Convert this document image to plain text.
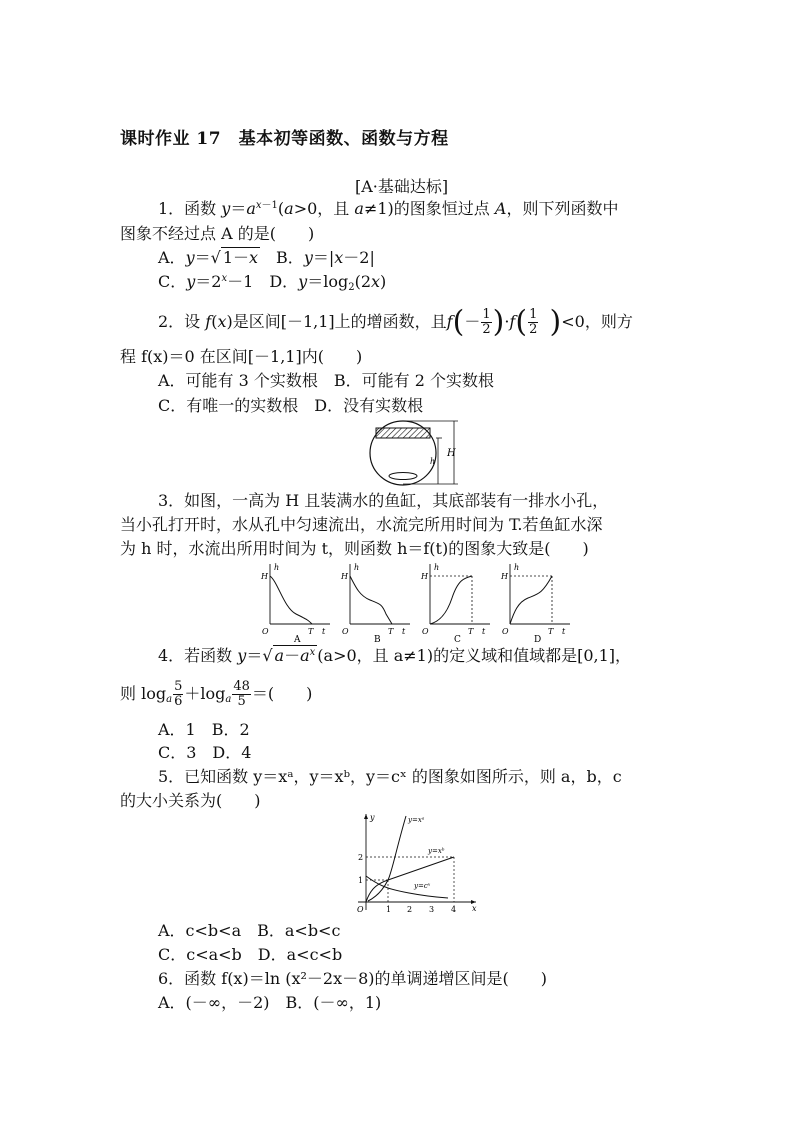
课时作业 17　基本初等函数、函数与方程
[A·基础达标]
1．函数 $y=a^{x-1}(a>0$，且 a≠1)的图象恒过点 A，则下列函数中
图象不经过点 A 的是(　　)
A．y＝√ 1－x　 B．y＝|x－2|
C．$y=2^x-1$　D．$y=\log_2(2x)$
2．设 f(x)是区间[－1,1]上的增函数，且$f(- \frac{1}{2} )\cdot f( \frac{1}{2} )<0$，则方
程 f(x)＝0 在区间[－1,1]内(　　)
A．可能有 3 个实数根　B．可能有 2 个实数根
C．有唯一的实数根　D．没有实数根
H
h
3．如图，一高为 H 且装满水的鱼缸，其底部装有一排水小孔，
当小孔打开时，水从孔中匀速流出，水流完所用时间为 T.若鱼缸水深
为 h 时，水流出所用时间为 t，则函数 h＝f(t)的图象大致是(　　)
h
H
O	T t
A
h
H
O	T t
B
h
H
O	T t
C
h
H
O	T t
D
4．若函数 y＝√ $a-a^x$ (a>0，且 a≠1)的定义域和值域都是[0,1]，
则 $\log_a \frac{5}{6} +\log_a \frac{48}{5}$ ＝(　　)
A．1　B．2
C．3　D．4
5．已知函数 y＝xᵃ，y＝xᵇ，y＝cˣ 的图象如图所示，则 a，b，c
的大小关系为(　　)
y=xᵃ
y=xᵇ
y=cˣ
y
x
O
1
2
1 2 3 4
A．c<b<a　B．a<b<c
C．c<a<b　D．a<c<b
6．函数 f(x)＝ln (x²－2x－8)的单调递增区间是(　　)
A．(－∞，－2)　B．(－∞，1)
